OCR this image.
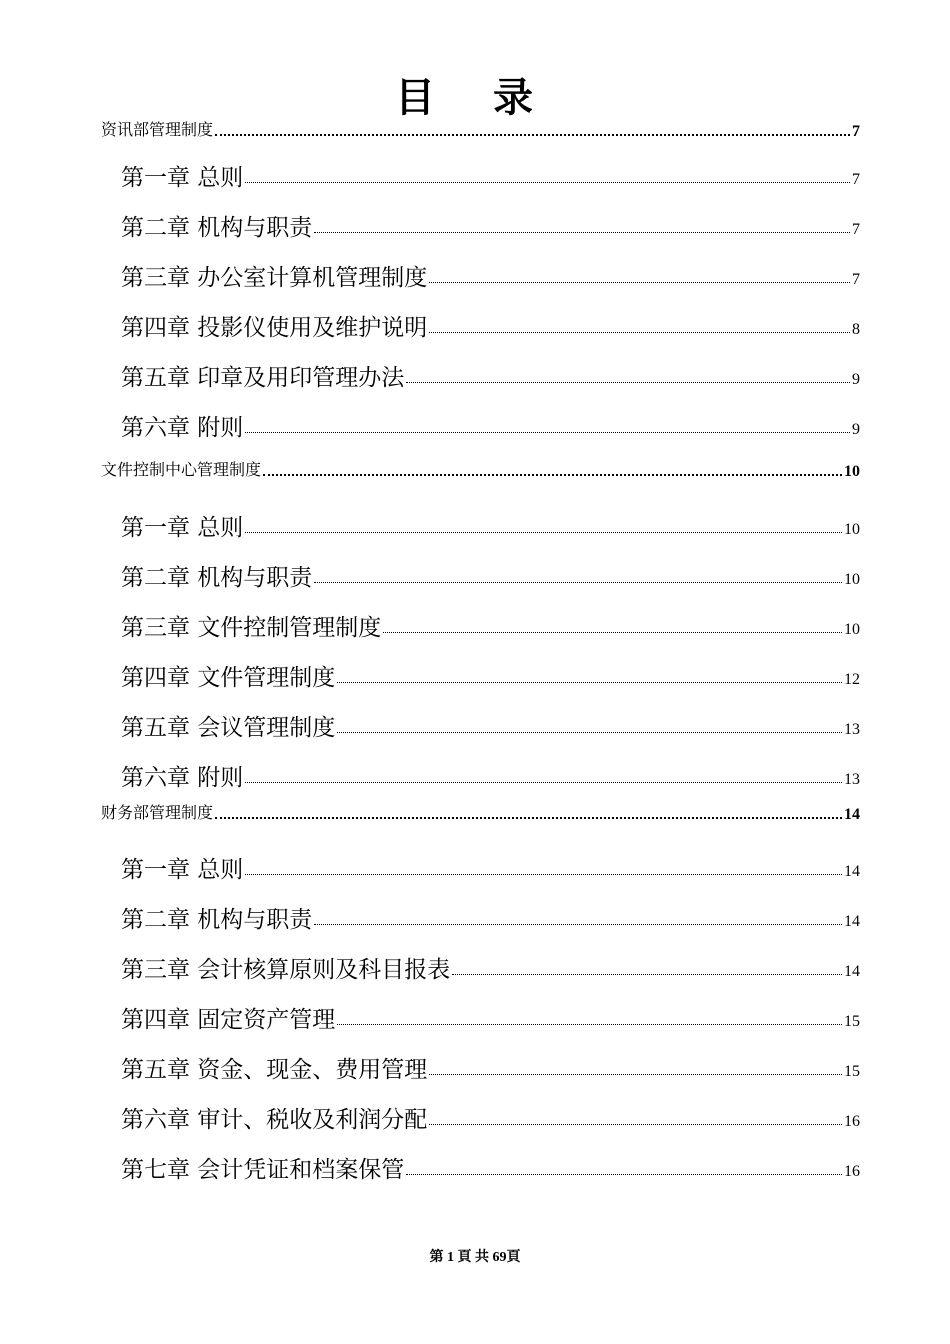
目 录
资讯部管理制度	7
第一章 总则	7
第二章 机构与职责	7
第三章 办公室计算机管理制度	7
第四章 投影仪使用及维护说明	8
第五章 印章及用印管理办法	9
第六章 附则	9
文件控制中心管理制度	10
第一章 总则	10
第二章 机构与职责	10
第三章 文件控制管理制度	10
第四章 文件管理制度	12
第五章 会议管理制度	13
第六章 附则	13
财务部管理制度	14
第一章 总则	14
第二章 机构与职责	14
第三章 会计核算原则及科目报表	14
第四章 固定资产管理	15
第五章 资金、现金、费用管理	15
第六章 审计、税收及利润分配	16
第七章 会计凭证和档案保管	16
第 1 頁 共 69頁
